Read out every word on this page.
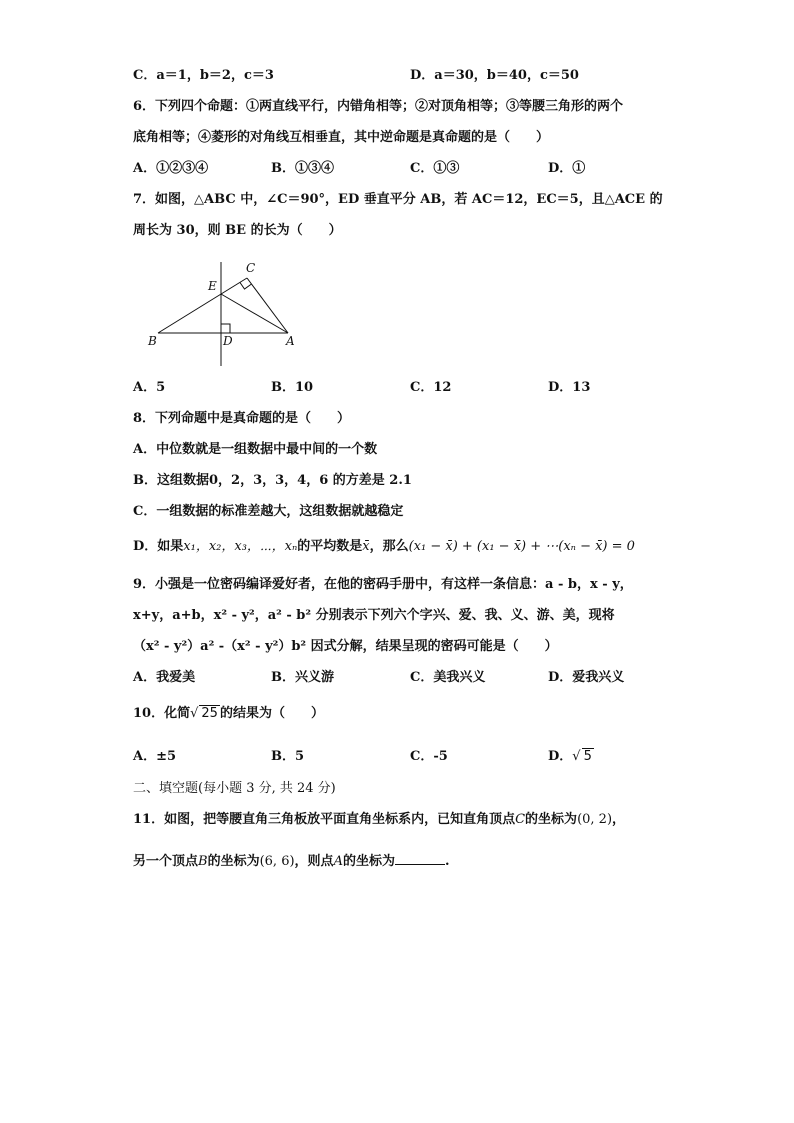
C．a＝1，b＝2，c＝3	D．a＝30，b＝40，c＝50
6．下列四个命题：①两直线平行，内错角相等；②对顶角相等；③等腰三角形的两个
底角相等；④菱形的对角线互相垂直，其中逆命题是真命题的是（　　）
A．①②③④	B．①③④	C．①③	D．①
7．如图，△ABC 中，∠C＝90°，ED 垂直平分 AB，若 AC＝12，EC＝5，且△ACE 的
周长为 30，则 BE 的长为（　　）
C
E
B	D	A
A．5	B．10	C．12	D．13
8．下列命题中是真命题的是（　　）
A．中位数就是一组数据中最中间的一个数
B．这组数据0，2，3，3，4，6 的方差是 2.1
C．一组数据的标准差越大，这组数据就越稳定
D．如果x₁，x₂，x₃，⋯，xₙ的平均数是x̄，那么(x₁ − x̄) + (x₁ − x̄) + ⋯(xₙ − x̄) = 0
9．小强是一位密码编译爱好者，在他的密码手册中，有这样一条信息：a - b，x - y，
x+y，a+b，x² - y²，a² - b² 分别表示下列六个字兴、爱、我、义、游、美，现将
（x² - y²）a² -（x² - y²）b² 因式分解，结果呈现的密码可能是（　　）
A．我爱美	B．兴义游	C．美我兴义	D．爱我兴义
10．化简√ 25 的结果为（　　）
A．±5	B．5	C．-5	D．√ 5
二、填空题(每小题 3 分, 共 24 分)
11．如图，把等腰直角三角板放平面直角坐标系内，已知直角顶点C的坐标为(0, 2)，
另一个顶点B的坐标为(6, 6)，则点A的坐标为	.
